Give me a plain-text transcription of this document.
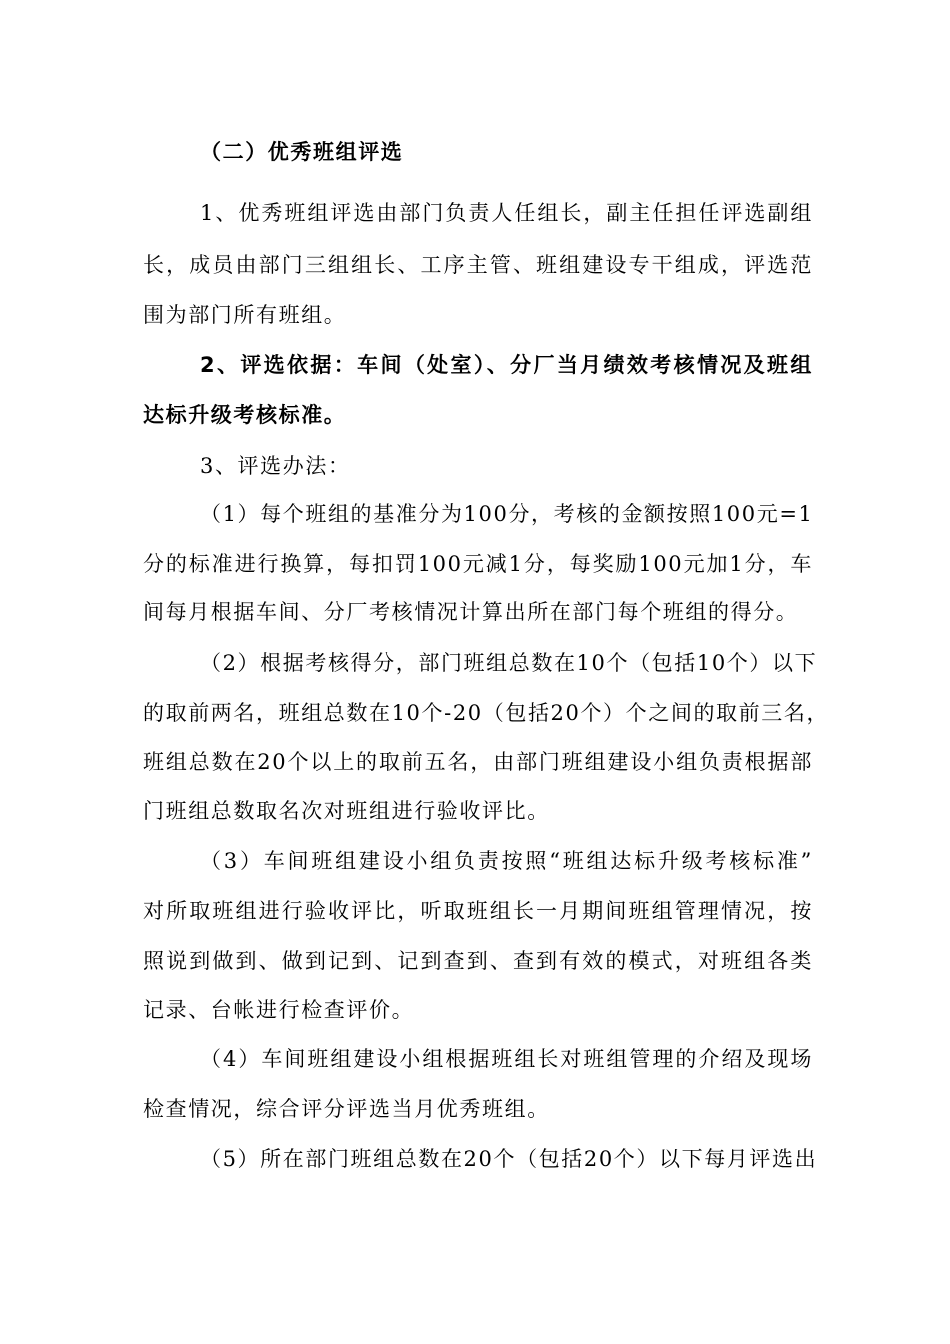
（二）优秀班组评选
1、优秀班组评选由部门负责人任组长，副主任担任评选副组
长，成员由部门三组组长、工序主管、班组建设专干组成，评选范
围为部门所有班组。
2、评选依据：车间（处室）、分厂当月绩效考核情况及班组
达标升级考核标准。
3、评选办法：
（1）每个班组的基准分为100分，考核的金额按照100元=1
分的标准进行换算，每扣罚100元减1分，每奖励100元加1分，车
间每月根据车间、分厂考核情况计算出所在部门每个班组的得分。
（2）根据考核得分，部门班组总数在10个（包括10个）以下
的取前两名，班组总数在10个-20（包括20个）个之间的取前三名，
班组总数在20个以上的取前五名，由部门班组建设小组负责根据部
门班组总数取名次对班组进行验收评比。
（3）车间班组建设小组负责按照“班组达标升级考核标准”
对所取班组进行验收评比，听取班组长一月期间班组管理情况，按
照说到做到、做到记到、记到查到、查到有效的模式，对班组各类
记录、台帐进行检查评价。
（4）车间班组建设小组根据班组长对班组管理的介绍及现场
检查情况，综合评分评选当月优秀班组。
（5）所在部门班组总数在20个（包括20个）以下每月评选出
